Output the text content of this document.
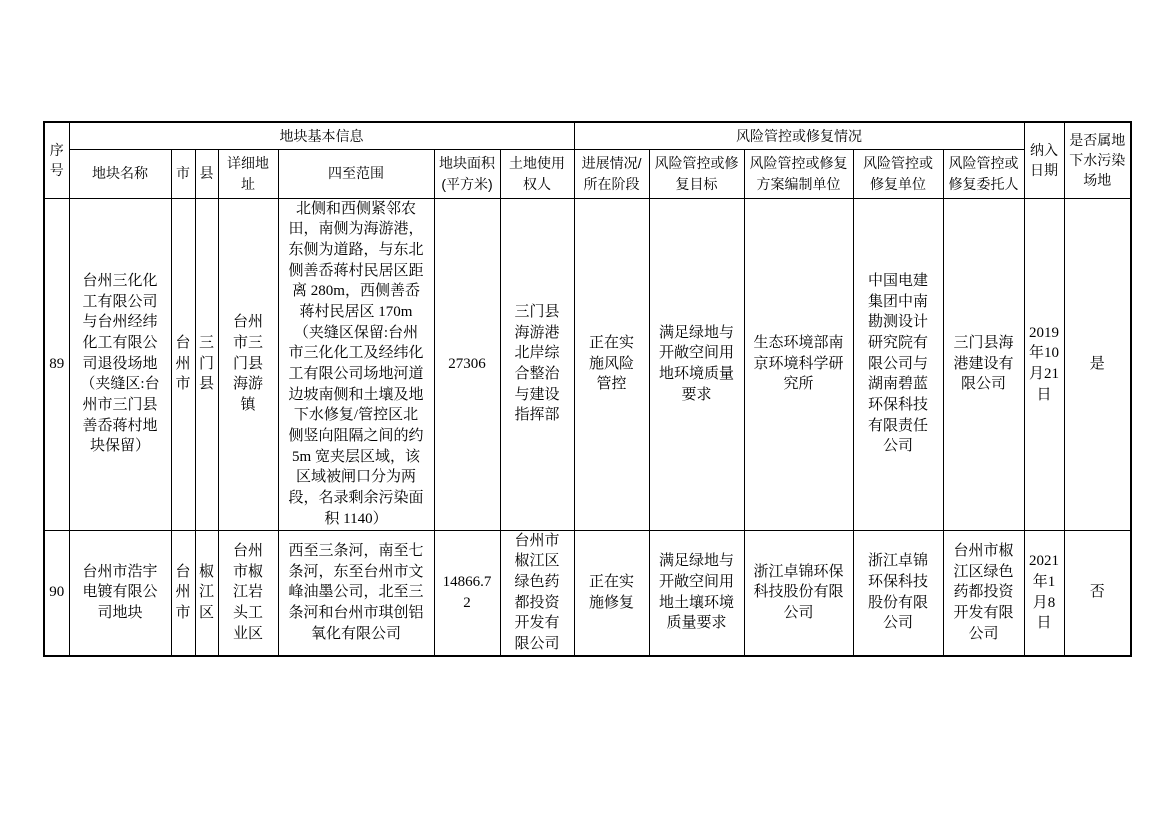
序号	地块基本信息							风险管控或修复情况					纳入日期	是否属地下水污染场地
	地块名称	市	县	详细地址	四至范围	地块面积(平方米)	土地使用权人	进展情况/所在阶段	风险管控或修复目标	风险管控或修复方案编制单位	风险管控或修复单位	风险管控或修复委托人		
89	台州三化化工有限公司与台州经纬化工有限公司退役场地（夹缝区:台州市三门县善岙蒋村地块保留）	台州市	三门县	台州市三门县海游镇	北侧和西侧紧邻农田，南侧为海游港，东侧为道路，与东北侧善岙蒋村民居区距离 280m，西侧善岙蒋村民居区 170m（夹缝区保留:台州市三化化工及经纬化工有限公司场地河道边坡南侧和土壤及地下水修复/管控区北侧竖向阻隔之间的约 5m 宽夹层区域，该区域被闸口分为两段，名录剩余污染面积 1140）	27306	三门县海游港北岸综合整治与建设指挥部	正在实施风险管控	满足绿地与开敞空间用地环境质量要求	生态环境部南京环境科学研究所	中国电建集团中南勘测设计研究院有限公司与湖南碧蓝环保科技有限责任公司	三门县海港建设有限公司	2019年10月21日	是
90	台州市浩宇电镀有限公司地块	台州市	椒江区	台州市椒江岩头工业区	西至三条河，南至七条河，东至台州市文峰油墨公司，北至三条河和台州市琪创铝氧化有限公司	14866.72	台州市椒江区绿色药都投资开发有限公司	正在实施修复	满足绿地与开敞空间用地土壤环境质量要求	浙江卓锦环保科技股份有限公司	浙江卓锦环保科技股份有限公司	台州市椒江区绿色药都投资开发有限公司	2021年1月8日	否
